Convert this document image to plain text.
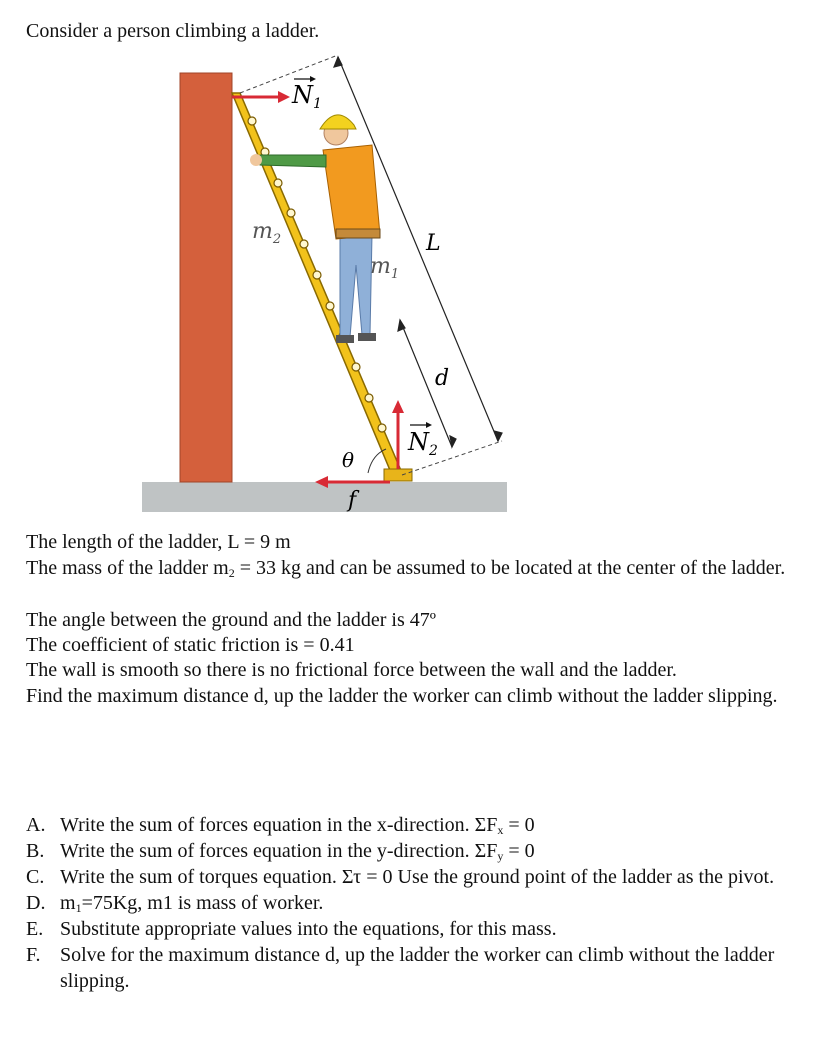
Consider a person climbing a ladder.

$N_1$
$N_2$
$m_2$
$m_1$
L
d
θ
f

The length of the ladder, L = 9 m

The mass of the ladder $m_2 = 33$ kg and can be assumed to be located at the center of the ladder.

The angle between the ground and the ladder is 47º

The coefficient of static friction is = 0.41

The wall is smooth so there is no frictional force between the wall and the ladder.

Find the maximum distance d, up the ladder the worker can climb without the ladder slipping.

A. Write the sum of forces equation in the x-direction. $\Sigma F_x = 0$
B. Write the sum of forces equation in the y-direction. $\Sigma F_y = 0$
C. Write the sum of torques equation. Στ = 0 Use the ground point of the ladder as the pivot.
D. $m_1=75Kg$, m1 is mass of worker.
E. Substitute appropriate values into the equations, for this mass.
F. Solve for the maximum distance d, up the ladder the worker can climb without the ladder slipping.
